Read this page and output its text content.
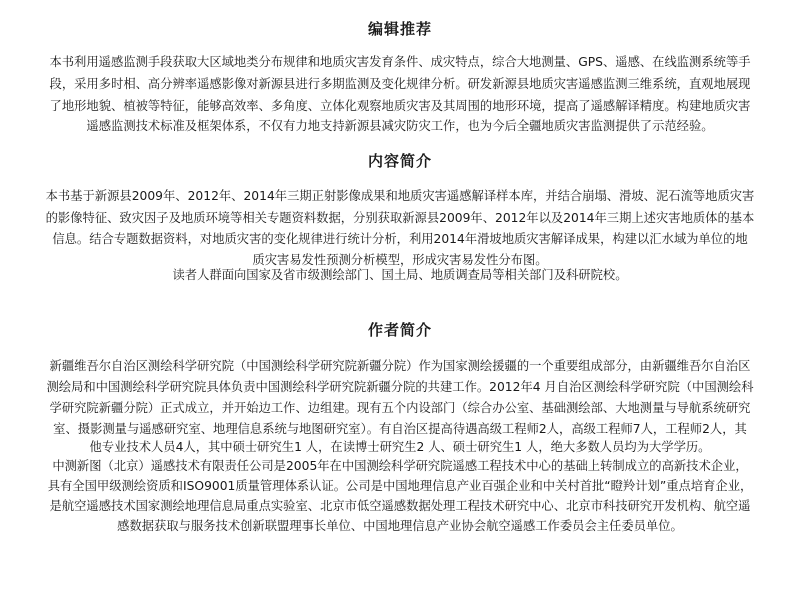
编辑推荐
本书利用遥感监测手段获取大区域地类分布规律和地质灾害发育条件、成灾特点，综合大地测量、GPS、遥感、在线监测系统等手
段，采用多时相、高分辨率遥感影像对新源县进行多期监测及变化规律分析。研发新源县地质灾害遥感监测三维系统，直观地展现
了地形地貌、植被等特征，能够高效率、多角度、立体化观察地质灾害及其周围的地形环境，提高了遥感解译精度。构建地质灾害
遥感监测技术标准及框架体系，不仅有力地支持新源县减灾防灾工作，也为今后全疆地质灾害监测提供了示范经验。
内容简介
本书基于新源县2009年、2012年、2014年三期正射影像成果和地质灾害遥感解译样本库，并结合崩塌、滑坡、泥石流等地质灾害
的影像特征、致灾因子及地质环境等相关专题资料数据，分别获取新源县2009年、2012年以及2014年三期上述灾害地质体的基本
信息。结合专题数据资料，对地质灾害的变化规律进行统计分析，利用2014年滑坡地质灾害解译成果，构建以汇水域为单位的地
质灾害易发性预测分析模型，形成灾害易发性分布图。
读者人群面向国家及省市级测绘部门、国土局、地质调查局等相关部门及科研院校。
作者简介
新疆维吾尔自治区测绘科学研究院（中国测绘科学研究院新疆分院）作为国家测绘援疆的一个重要组成部分，由新疆维吾尔自治区
测绘局和中国测绘科学研究院具体负责中国测绘科学研究院新疆分院的共建工作。2012年4 月自治区测绘科学研究院（中国测绘科
学研究院新疆分院）正式成立，并开始边工作、边组建。现有五个内设部门（综合办公室、基础测绘部、大地测量与导航系统研究
室、摄影测量与遥感研究室、地理信息系统与地图研究室）。有自治区提高待遇高级工程师2人，高级工程师7人，工程师2人，其
他专业技术人员4人，其中硕士研究生1 人，在读博士研究生2 人、硕士研究生1 人，绝大多数人员均为大学学历。
中测新图（北京）遥感技术有限责任公司是2005年在中国测绘科学研究院遥感工程技术中心的基础上转制成立的高新技术企业，
具有全国甲级测绘资质和ISO9001质量管理体系认证。公司是中国地理信息产业百强企业和中关村首批“瞪羚计划”重点培育企业，
是航空遥感技术国家测绘地理信息局重点实验室、北京市低空遥感数据处理工程技术研究中心、北京市科技研究开发机构、航空遥
感数据获取与服务技术创新联盟理事长单位、中国地理信息产业协会航空遥感工作委员会主任委员单位。
